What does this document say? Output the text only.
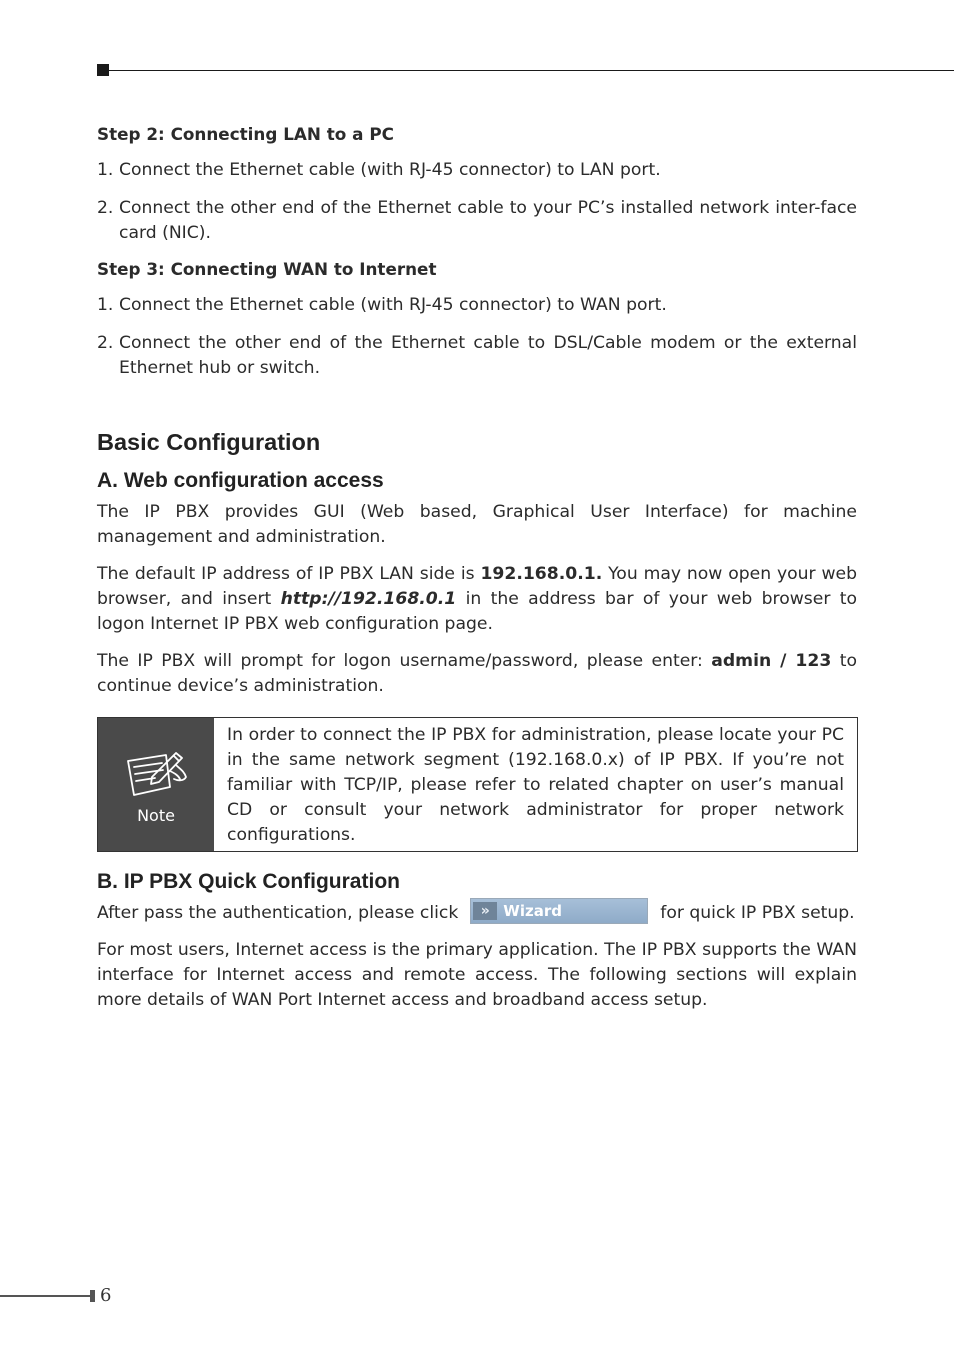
Step 2: Connecting LAN to a PC
1. Connect the Ethernet cable (with RJ-45 connector) to LAN port.
2. Connect the other end of the Ethernet cable to your PC’s installed network inter-face card (NIC).
Step 3: Connecting WAN to Internet
1. Connect the Ethernet cable (with RJ-45 connector) to WAN port.
2. Connect the other end of the Ethernet cable to DSL/Cable modem or the external Ethernet hub or switch.
Basic Configuration
A. Web configuration access

The IP PBX provides GUI (Web based, Graphical User Interface) for machine management and administration.

The default IP address of IP PBX LAN side is 192.168.0.1. You may now open your web browser, and insert http://192.168.0.1 in the address bar of your web browser to logon Internet IP PBX web configuration page.

The IP PBX will prompt for logon username/password, please enter: admin / 123 to continue device’s administration.

Note
In order to connect the IP PBX for administration, please locate your PC in the same network segment (192.168.0.x) of IP PBX. If you’re not familiar with TCP/IP, please refer to related chapter on user’s manual CD or consult your network administrator for proper network configurations.
B. IP PBX Quick Configuration

After pass the authentication, please click	» Wizard	for quick IP PBX setup.

For most users, Internet access is the primary application. The IP PBX supports the WAN interface for Internet access and remote access. The following sections will explain more details of WAN Port Internet access and broadband access setup.

6
